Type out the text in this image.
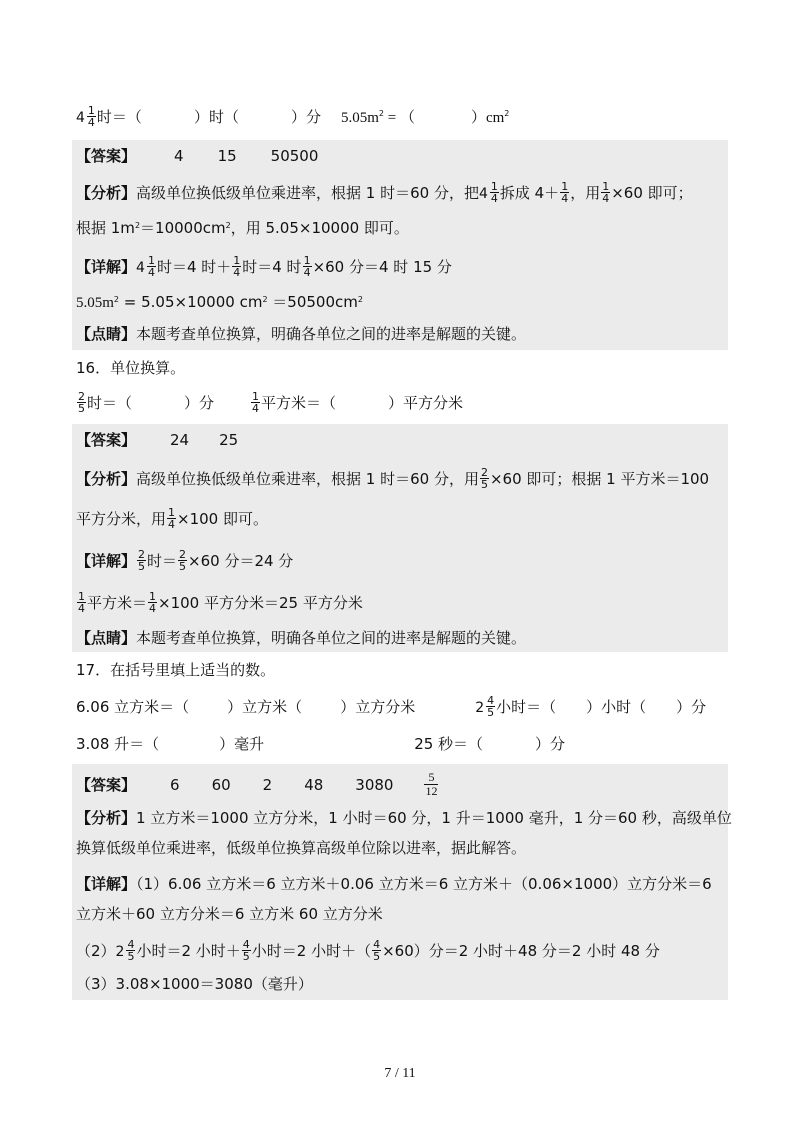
$4 \frac{1}{4}$ 时＝（	）时（	）分 $5.05m^2$ = （	）$cm^2$
【答案】	4 15 50500
【分析】高级单位换低级单位乘进率，根据 1 时＝60 分，把$4 \frac{1}{4}$ 拆成 $4+ \frac{1}{4}$ ，用 $\frac{1}{4} \times 60$ 即可；
根据 $1m^2=10000cm^2$，用 5.05×10000 即可。
【详解】$4 \frac{1}{4}$ 时＝4 时＋ $\frac{1}{4}$ 时＝4 时 $\frac{1}{4} \times 60$ 分＝4 时 15 分
$5.05m^2 = 5.05\times 10000$ $cm^2 =50500cm^2$
【点睛】本题考查单位换算，明确各单位之间的进率是解题的关键。
16．单位换算。
$\frac{2}{5}$ 时＝（	）分	$\frac{1}{4}$ 平方米＝（	）平方分米
【答案】 24 25
【分析】高级单位换低级单位乘进率，根据 1 时＝60 分，用 $\frac{2}{5} \times 60$ 即可；根据 1 平方米＝100
平方分米，用 $\frac{1}{4} \times 100$ 即可。
【详解】 $\frac{2}{5}$ 时＝ $\frac{2}{5} \times 60$ 分＝24 分
$\frac{1}{4}$ 平方米＝ $\frac{1}{4} \times 100$ 平方分米＝25 平方分米
【点睛】本题考查单位换算，明确各单位之间的进率是解题的关键。
17．在括号里填上适当的数。
6.06 立方米＝（	）立方米（	）立方分米	$2 \frac{4}{5}$ 小时＝（ ）小时（ ）分
3.08 升＝（	）毫升	25 秒＝（	）分
【答案】 6 60 2 48 3080	$\frac{5}{12}$
【分析】1 立方米＝1000 立方分米，1 小时＝60 分，1 升＝1000 毫升，1 分＝60 秒，高级单位
换算低级单位乘进率，低级单位换算高级单位除以进率，据此解答。
【详解】（1）6.06 立方米＝6 立方米＋0.06 立方米＝6 立方米＋（0.06×1000）立方分米＝6
立方米＋60 立方分米＝6 立方米 60 立方分米
$(2)2 \frac{4}{5}$ 小时＝2 小时＋ $\frac{4}{5}$ 小时＝2 小时＋（ $\frac{4}{5} \times 60$）分＝2 小时＋48 分＝2 小时 48 分
（3）3.08×1000＝3080（毫升）
7 / 11
